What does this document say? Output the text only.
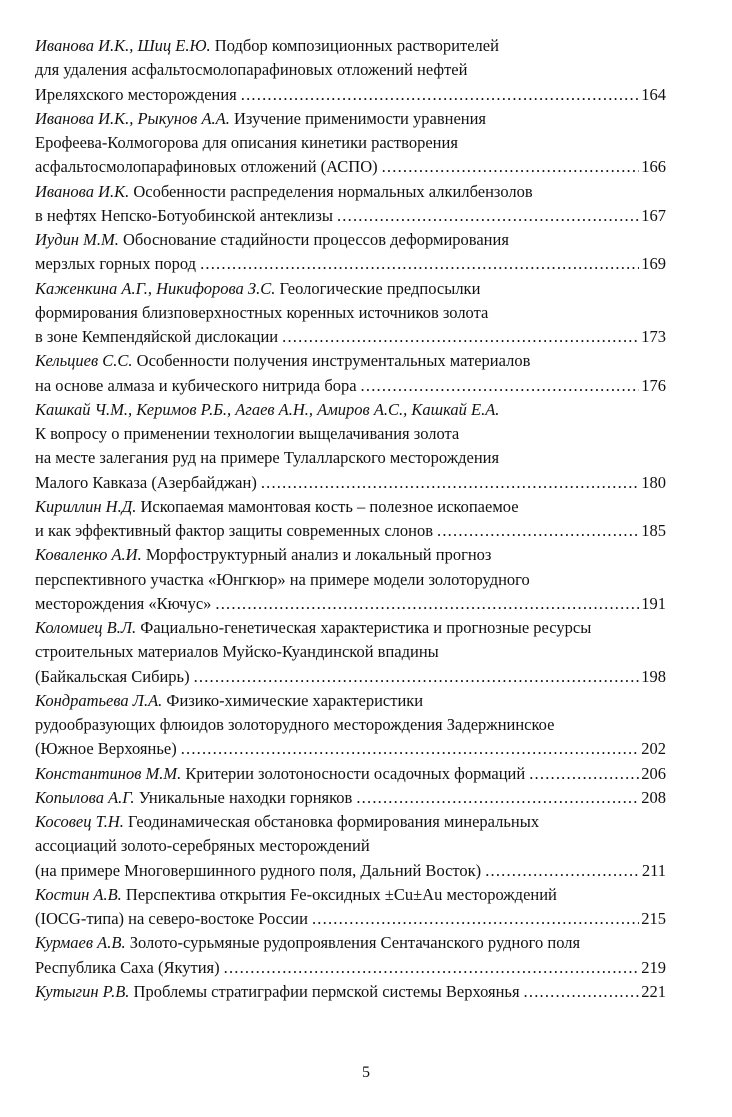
Иванова И.К., Шиц Е.Ю. Подбор композиционных растворителей
для удаления асфальтосмолопарафиновых отложений нефтей
Иреляхского месторождения .....	164
Иванова И.К., Рыкунов А.А. Изучение применимости уравнения
Ерофеева-Колмогорова для описания кинетики растворения
асфальтосмолопарафиновых отложений (АСПО) .....	166
Иванова И.К. Особенности распределения нормальных алкилбензолов
в нефтях Непско-Ботуобинской антеклизы .....	167
Иудин М.М. Обоснование стадийности процессов деформирования
мерзлых горных пород .....	169
Каженкина А.Г., Никифорова З.С. Геологические предпосылки
формирования близповерхностных коренных источников золота
в зоне Кемпендяйской дислокации .....	173
Кельциев С.С. Особенности получения инструментальных материалов
на основе алмаза и кубического нитрида бора .....	176
Кашкай Ч.М., Керимов Р.Б., Агаев А.Н., Амиров А.С., Кашкай Е.А.
К вопросу о применении технологии выщелачивания золота
на месте залегания руд на примере Тулалларского месторождения
Малого Кавказа (Азербайджан) .....	180
Кириллин Н.Д. Ископаемая мамонтовая кость – полезное ископаемое
и как эффективный фактор защиты современных слонов .....	185
Коваленко А.И. Морфоструктурный анализ и локальный прогноз
перспективного участка «Юнгкюр» на примере модели золоторудного
месторождения «Кючус» .....	191
Коломиец В.Л. Фациально-генетическая характеристика и прогнозные ресурсы
строительных материалов Муйско-Куандинской впадины
(Байкальская Сибирь) .....	198
Кондратьева Л.А. Физико-химические характеристики
рудообразующих флюидов золоторудного месторождения Задержнинское
(Южное Верхоянье) .....	202
Константинов М.М. Критерии золотоносности осадочных формаций .....	206
Копылова А.Г. Уникальные находки горняков .....	208
Косовец Т.Н. Геодинамическая обстановка формирования минеральных
ассоциаций золото-серебряных месторождений
(на примере Многовершинного рудного поля, Дальний Восток) .....	211
Костин А.В. Перспектива открытия Fe-оксидных ±Cu±Au месторождений
(IOCG-типа) на северо-востоке России .....	215
Курмаев А.В. Золото-сурьмяные рудопроявления Сентачанского рудного поля
Республика Саха (Якутия) .....	219
Кутыгин Р.В. Проблемы стратиграфии пермской системы Верхоянья .....	221
5
